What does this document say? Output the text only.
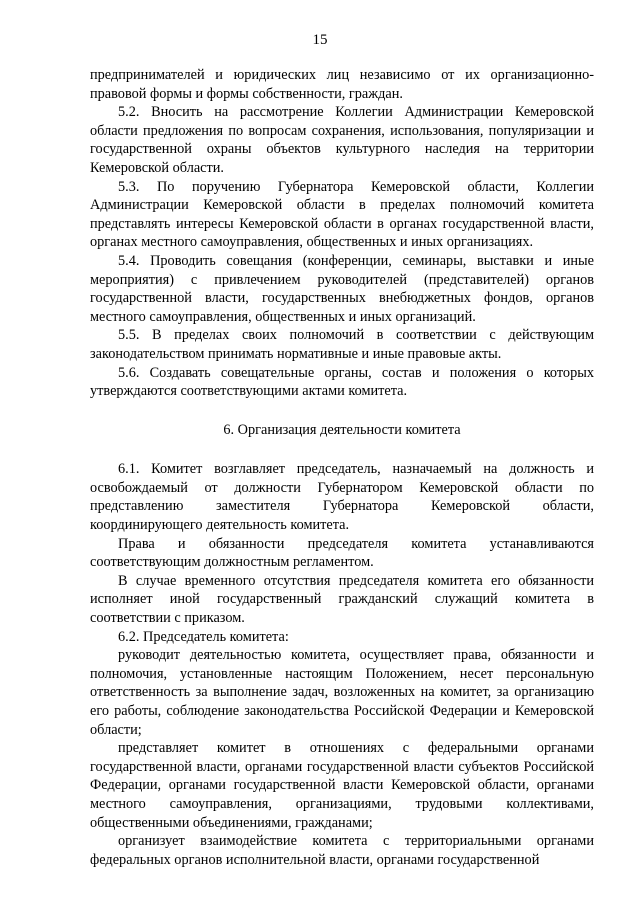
15

предпринимателей и юридических лиц независимо от их организационно-правовой формы и формы собственности, граждан.

5.2. Вносить на рассмотрение Коллегии Администрации Кемеровской области предложения по вопросам сохранения, использования, популяризации и государственной охраны объектов культурного наследия на территории Кемеровской области.

5.3. По поручению Губернатора Кемеровской области, Коллегии Администрации Кемеровской области в пределах полномочий комитета представлять интересы Кемеровской области в органах государственной власти, органах местного самоуправления, общественных и иных организациях.

5.4. Проводить совещания (конференции, семинары, выставки и иные мероприятия) с привлечением руководителей (представителей) органов государственной власти, государственных внебюджетных фондов, органов местного самоуправления, общественных и иных организаций.

5.5. В пределах своих полномочий в соответствии с действующим законодательством принимать нормативные и иные правовые акты.

5.6. Создавать совещательные органы, состав и положения о которых утверждаются соответствующими актами комитета.

6. Организация деятельности комитета

6.1. Комитет возглавляет председатель, назначаемый на должность и освобождаемый от должности Губернатором Кемеровской области по представлению заместителя Губернатора Кемеровской области, координирующего деятельность комитета.

Права и обязанности председателя комитета устанавливаются соответствующим должностным регламентом.

В случае временного отсутствия председателя комитета его обязанности исполняет иной государственный гражданский служащий комитета в соответствии с приказом.

6.2. Председатель комитета:

руководит деятельностью комитета, осуществляет права, обязанности и полномочия, установленные настоящим Положением, несет персональную ответственность за выполнение задач, возложенных на комитет, за организацию его работы, соблюдение законодательства Российской Федерации и Кемеровской области;

представляет комитет в отношениях с федеральными органами государственной власти, органами государственной власти субъектов Российской Федерации, органами государственной власти Кемеровской области, органами местного самоуправления, организациями, трудовыми коллективами, общественными объединениями, гражданами;

организует взаимодействие комитета с территориальными органами федеральных органов исполнительной власти, органами государственной
